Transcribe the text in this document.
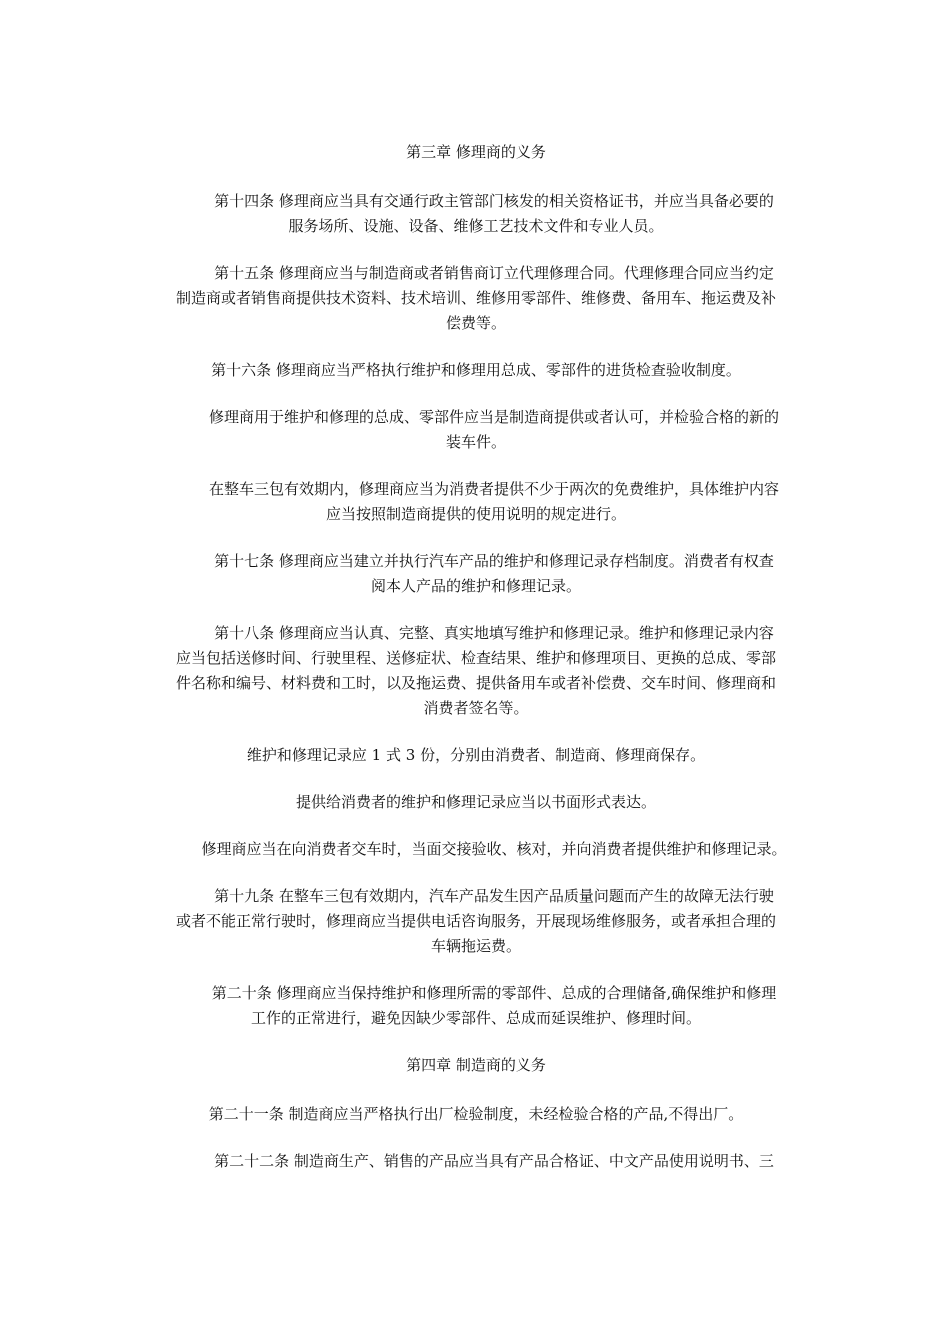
第三章 修理商的义务

第十四条 修理商应当具有交通行政主管部门核发的相关资格证书，并应当具备必要的
服务场所、设施、设备、维修工艺技术文件和专业人员。

第十五条 修理商应当与制造商或者销售商订立代理修理合同。代理修理合同应当约定
制造商或者销售商提供技术资料、技术培训、维修用零部件、维修费、备用车、拖运费及补
偿费等。

第十六条 修理商应当严格执行维护和修理用总成、零部件的进货检查验收制度。

修理商用于维护和修理的总成、零部件应当是制造商提供或者认可，并检验合格的新的
装车件。

在整车三包有效期内，修理商应当为消费者提供不少于两次的免费维护，具体维护内容
应当按照制造商提供的使用说明的规定进行。

第十七条 修理商应当建立并执行汽车产品的维护和修理记录存档制度。消费者有权查
阅本人产品的维护和修理记录。

第十八条 修理商应当认真、完整、真实地填写维护和修理记录。维护和修理记录内容
应当包括送修时间、行驶里程、送修症状、检查结果、维护和修理项目、更换的总成、零部
件名称和编号、材料费和工时，以及拖运费、提供备用车或者补偿费、交车时间、修理商和
消费者签名等。

维护和修理记录应 1 式 3 份，分别由消费者、制造商、修理商保存。

提供给消费者的维护和修理记录应当以书面形式表达。

修理商应当在向消费者交车时，当面交接验收、核对，并向消费者提供维护和修理记录。

第十九条 在整车三包有效期内，汽车产品发生因产品质量问题而产生的故障无法行驶
或者不能正常行驶时，修理商应当提供电话咨询服务，开展现场维修服务，或者承担合理的
车辆拖运费。

第二十条 修理商应当保持维护和修理所需的零部件、总成的合理储备,确保维护和修理
工作的正常进行，避免因缺少零部件、总成而延误维护、修理时间。

第四章 制造商的义务

第二十一条 制造商应当严格执行出厂检验制度，未经检验合格的产品,不得出厂。

第二十二条 制造商生产、销售的产品应当具有产品合格证、中文产品使用说明书、三
